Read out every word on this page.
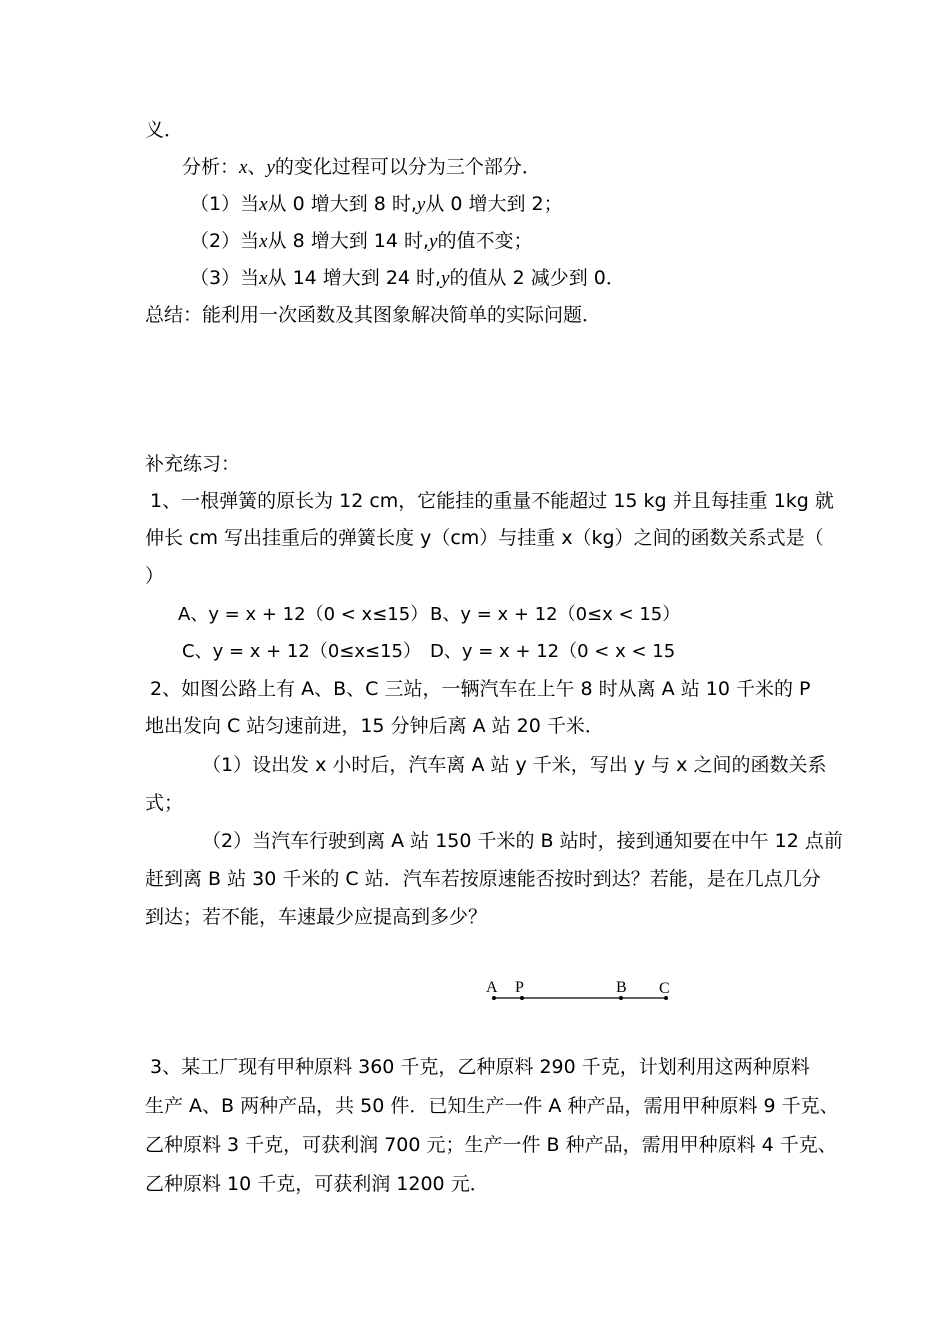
义．
分析：x、y的变化过程可以分为三个部分．
（1）当x从 0 增大到 8 时,y从 0 增大到 2；
（2）当x从 8 增大到 14 时,y的值不变；
（3）当x从 14 增大到 24 时,y的值从 2 减少到 0．
总结：能利用一次函数及其图象解决简单的实际问题．
补充练习：
1、一根弹簧的原长为 12 cm，它能挂的重量不能超过 15 kg 并且每挂重 1kg 就
伸长 cm 写出挂重后的弹簧长度 y（cm）与挂重 x（kg）之间的函数关系式是（
）
A、y = x + 12（0 < x≤15） B、y = x + 12（0≤x < 15）
C、y = x + 12（0≤x≤15） D、y = x + 12（0 < x < 15
2、如图公路上有 A、B、C 三站，一辆汽车在上午 8 时从离 A 站 10 千米的 P
地出发向 C 站匀速前进，15 分钟后离 A 站 20 千米．
（1）设出发 x 小时后，汽车离 A 站 y 千米，写出 y 与 x 之间的函数关系
式；
（2）当汽车行驶到离 A 站 150 千米的 B 站时，接到通知要在中午 12 点前
赶到离 B 站 30 千米的 C 站．汽车若按原速能否按时到达？若能，是在几点几分
到达；若不能，车速最少应提高到多少？
A P	B C
3、某工厂现有甲种原料 360 千克，乙种原料 290 千克，计划利用这两种原料
生产 A、B 两种产品，共 50 件．已知生产一件 A 种产品，需用甲种原料 9 千克、
乙种原料 3 千克，可获利润 700 元；生产一件 B 种产品，需用甲种原料 4 千克、
乙种原料 10 千克，可获利润 1200 元．
